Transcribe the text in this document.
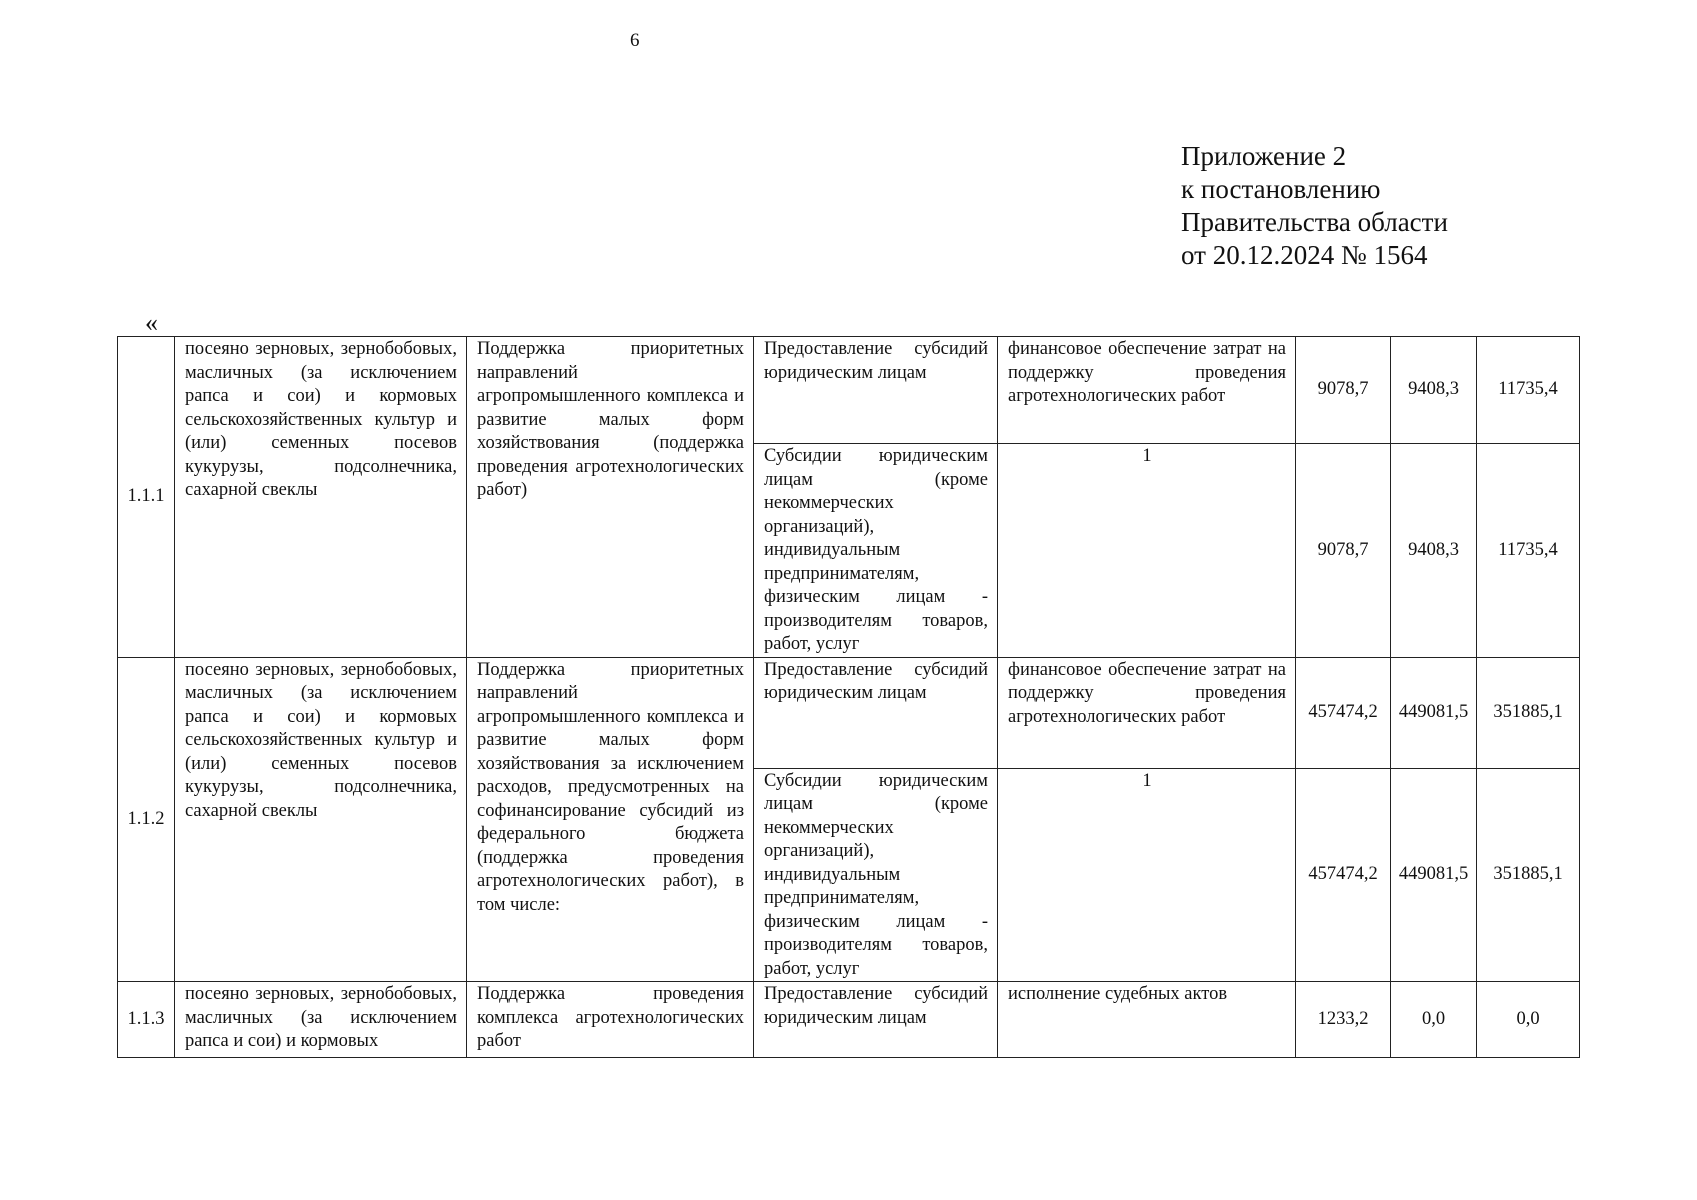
6
Приложение 2
к постановлению
Правительства области
от 20.12.2024 № 1564
«
1.1.1	посеяно зерновых, зернобобовых, масличных (за исключением рапса и сои) и кормовых сельскохозяйственных культур и (или) семенных посевов кукурузы, подсолнечника, сахарной свеклы	Поддержка приоритетных направлений агропромышленного комплекса и развитие малых форм хозяйствования (поддержка проведения агротехнологических работ)	Предоставление субсидий юридическим лицам	финансовое обеспечение затрат на поддержку проведения агротехнологических работ	9078,7	9408,3	11735,4
			Субсидии юридическим лицам (кроме некоммерческих организаций), индивидуальным предпринимателям, физическим лицам - производителям товаров, работ, услуг	1	9078,7	9408,3	11735,4
1.1.2	посеяно зерновых, зернобобовых, масличных (за исключением рапса и сои) и кормовых сельскохозяйственных культур и (или) семенных посевов кукурузы, подсолнечника, сахарной свеклы	Поддержка приоритетных направлений агропромышленного комплекса и развитие малых форм хозяйствования за исключением расходов, предусмотренных на софинансирование субсидий из федерального бюджета (поддержка проведения агротехнологических работ), в том числе:	Предоставление субсидий юридическим лицам	финансовое обеспечение затрат на поддержку проведения агротехнологических работ	457474,2	449081,5	351885,1
			Субсидии юридическим лицам (кроме некоммерческих организаций), индивидуальным предпринимателям, физическим лицам - производителям товаров, работ, услуг	1	457474,2	449081,5	351885,1
1.1.3	посеяно зерновых, зернобобовых, масличных (за исключением рапса и сои) и кормовых	Поддержка проведения комплекса агротехнологических работ	Предоставление субсидий юридическим лицам	исполнение судебных актов	1233,2	0,0	0,0
